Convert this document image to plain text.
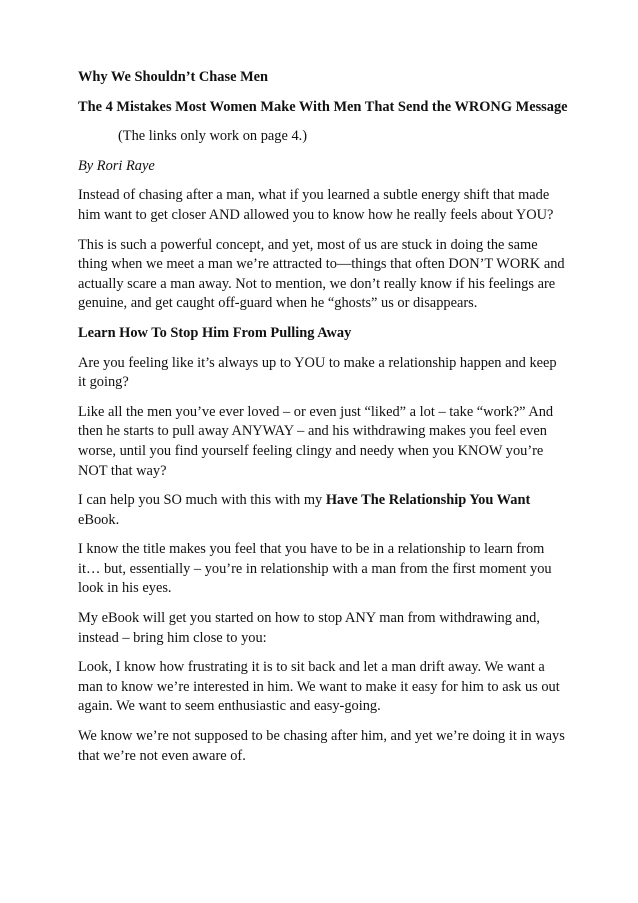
Why We Shouldn’t Chase Men

The 4 Mistakes Most Women Make With Men That Send the WRONG Message

(The links only work on page 4.)

By Rori Raye

Instead of chasing after a man, what if you learned a subtle energy shift that made him want to get closer AND allowed you to know how he really feels about YOU?

This is such a powerful concept, and yet, most of us are stuck in doing the same thing when we meet a man we’re attracted to—things that often DON’T WORK and actually scare a man away. Not to mention, we don’t really know if his feelings are genuine, and get caught off-guard when he “ghosts” us or disappears.

Learn How To Stop Him From Pulling Away

Are you feeling like it’s always up to YOU to make a relationship happen and keep it going?

Like all the men you’ve ever loved – or even just “liked” a lot – take “work?” And then he starts to pull away ANYWAY – and his withdrawing makes you feel even worse, until you find yourself feeling clingy and needy when you KNOW you’re NOT that way?

I can help you SO much with this with my Have The Relationship You Want eBook.

I know the title makes you feel that you have to be in a relationship to learn from it… but, essentially – you’re in relationship with a man from the first moment you look in his eyes.

My eBook will get you started on how to stop ANY man from withdrawing and, instead – bring him close to you:

Look, I know how frustrating it is to sit back and let a man drift away. We want a man to know we’re interested in him. We want to make it easy for him to ask us out again. We want to seem enthusiastic and easy-going.

We know we’re not supposed to be chasing after him, and yet we’re doing it in ways that we’re not even aware of.
